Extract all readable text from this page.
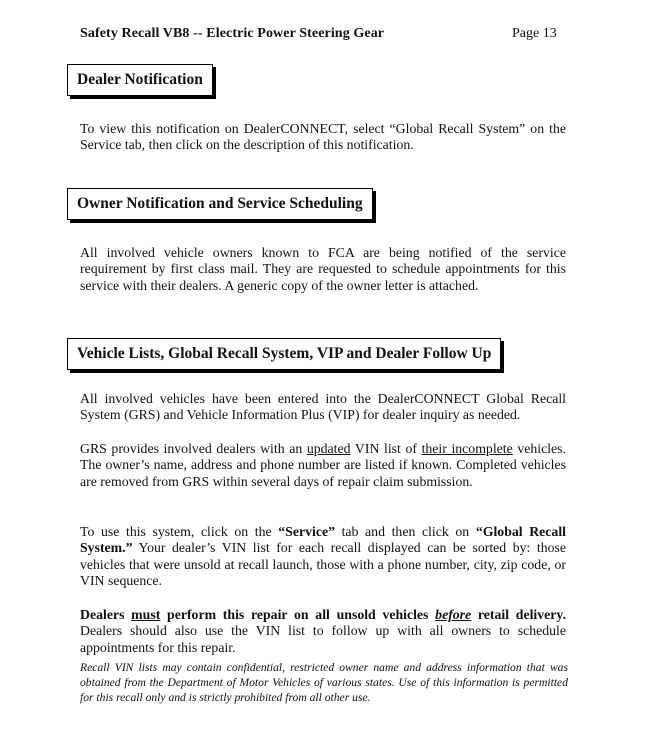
Safety Recall VB8 -- Electric Power Steering Gear	Page 13
Dealer Notification
To view this notification on DealerCONNECT, select “Global Recall System” on the Service tab, then click on the description of this notification.
Owner Notification and Service Scheduling
All involved vehicle owners known to FCA are being notified of the service requirement by first class mail. They are requested to schedule appointments for this service with their dealers. A generic copy of the owner letter is attached.
Vehicle Lists, Global Recall System, VIP and Dealer Follow Up
All involved vehicles have been entered into the DealerCONNECT Global Recall System (GRS) and Vehicle Information Plus (VIP) for dealer inquiry as needed.
GRS provides involved dealers with an updated VIN list of their incomplete vehicles. The owner’s name, address and phone number are listed if known. Completed vehicles are removed from GRS within several days of repair claim submission.
To use this system, click on the “Service” tab and then click on “Global Recall System.” Your dealer’s VIN list for each recall displayed can be sorted by: those vehicles that were unsold at recall launch, those with a phone number, city, zip code, or VIN sequence.
Dealers must perform this repair on all unsold vehicles before retail delivery. Dealers should also use the VIN list to follow up with all owners to schedule appointments for this repair.
Recall VIN lists may contain confidential, restricted owner name and address information that was obtained from the Department of Motor Vehicles of various states. Use of this information is permitted for this recall only and is strictly prohibited from all other use.
